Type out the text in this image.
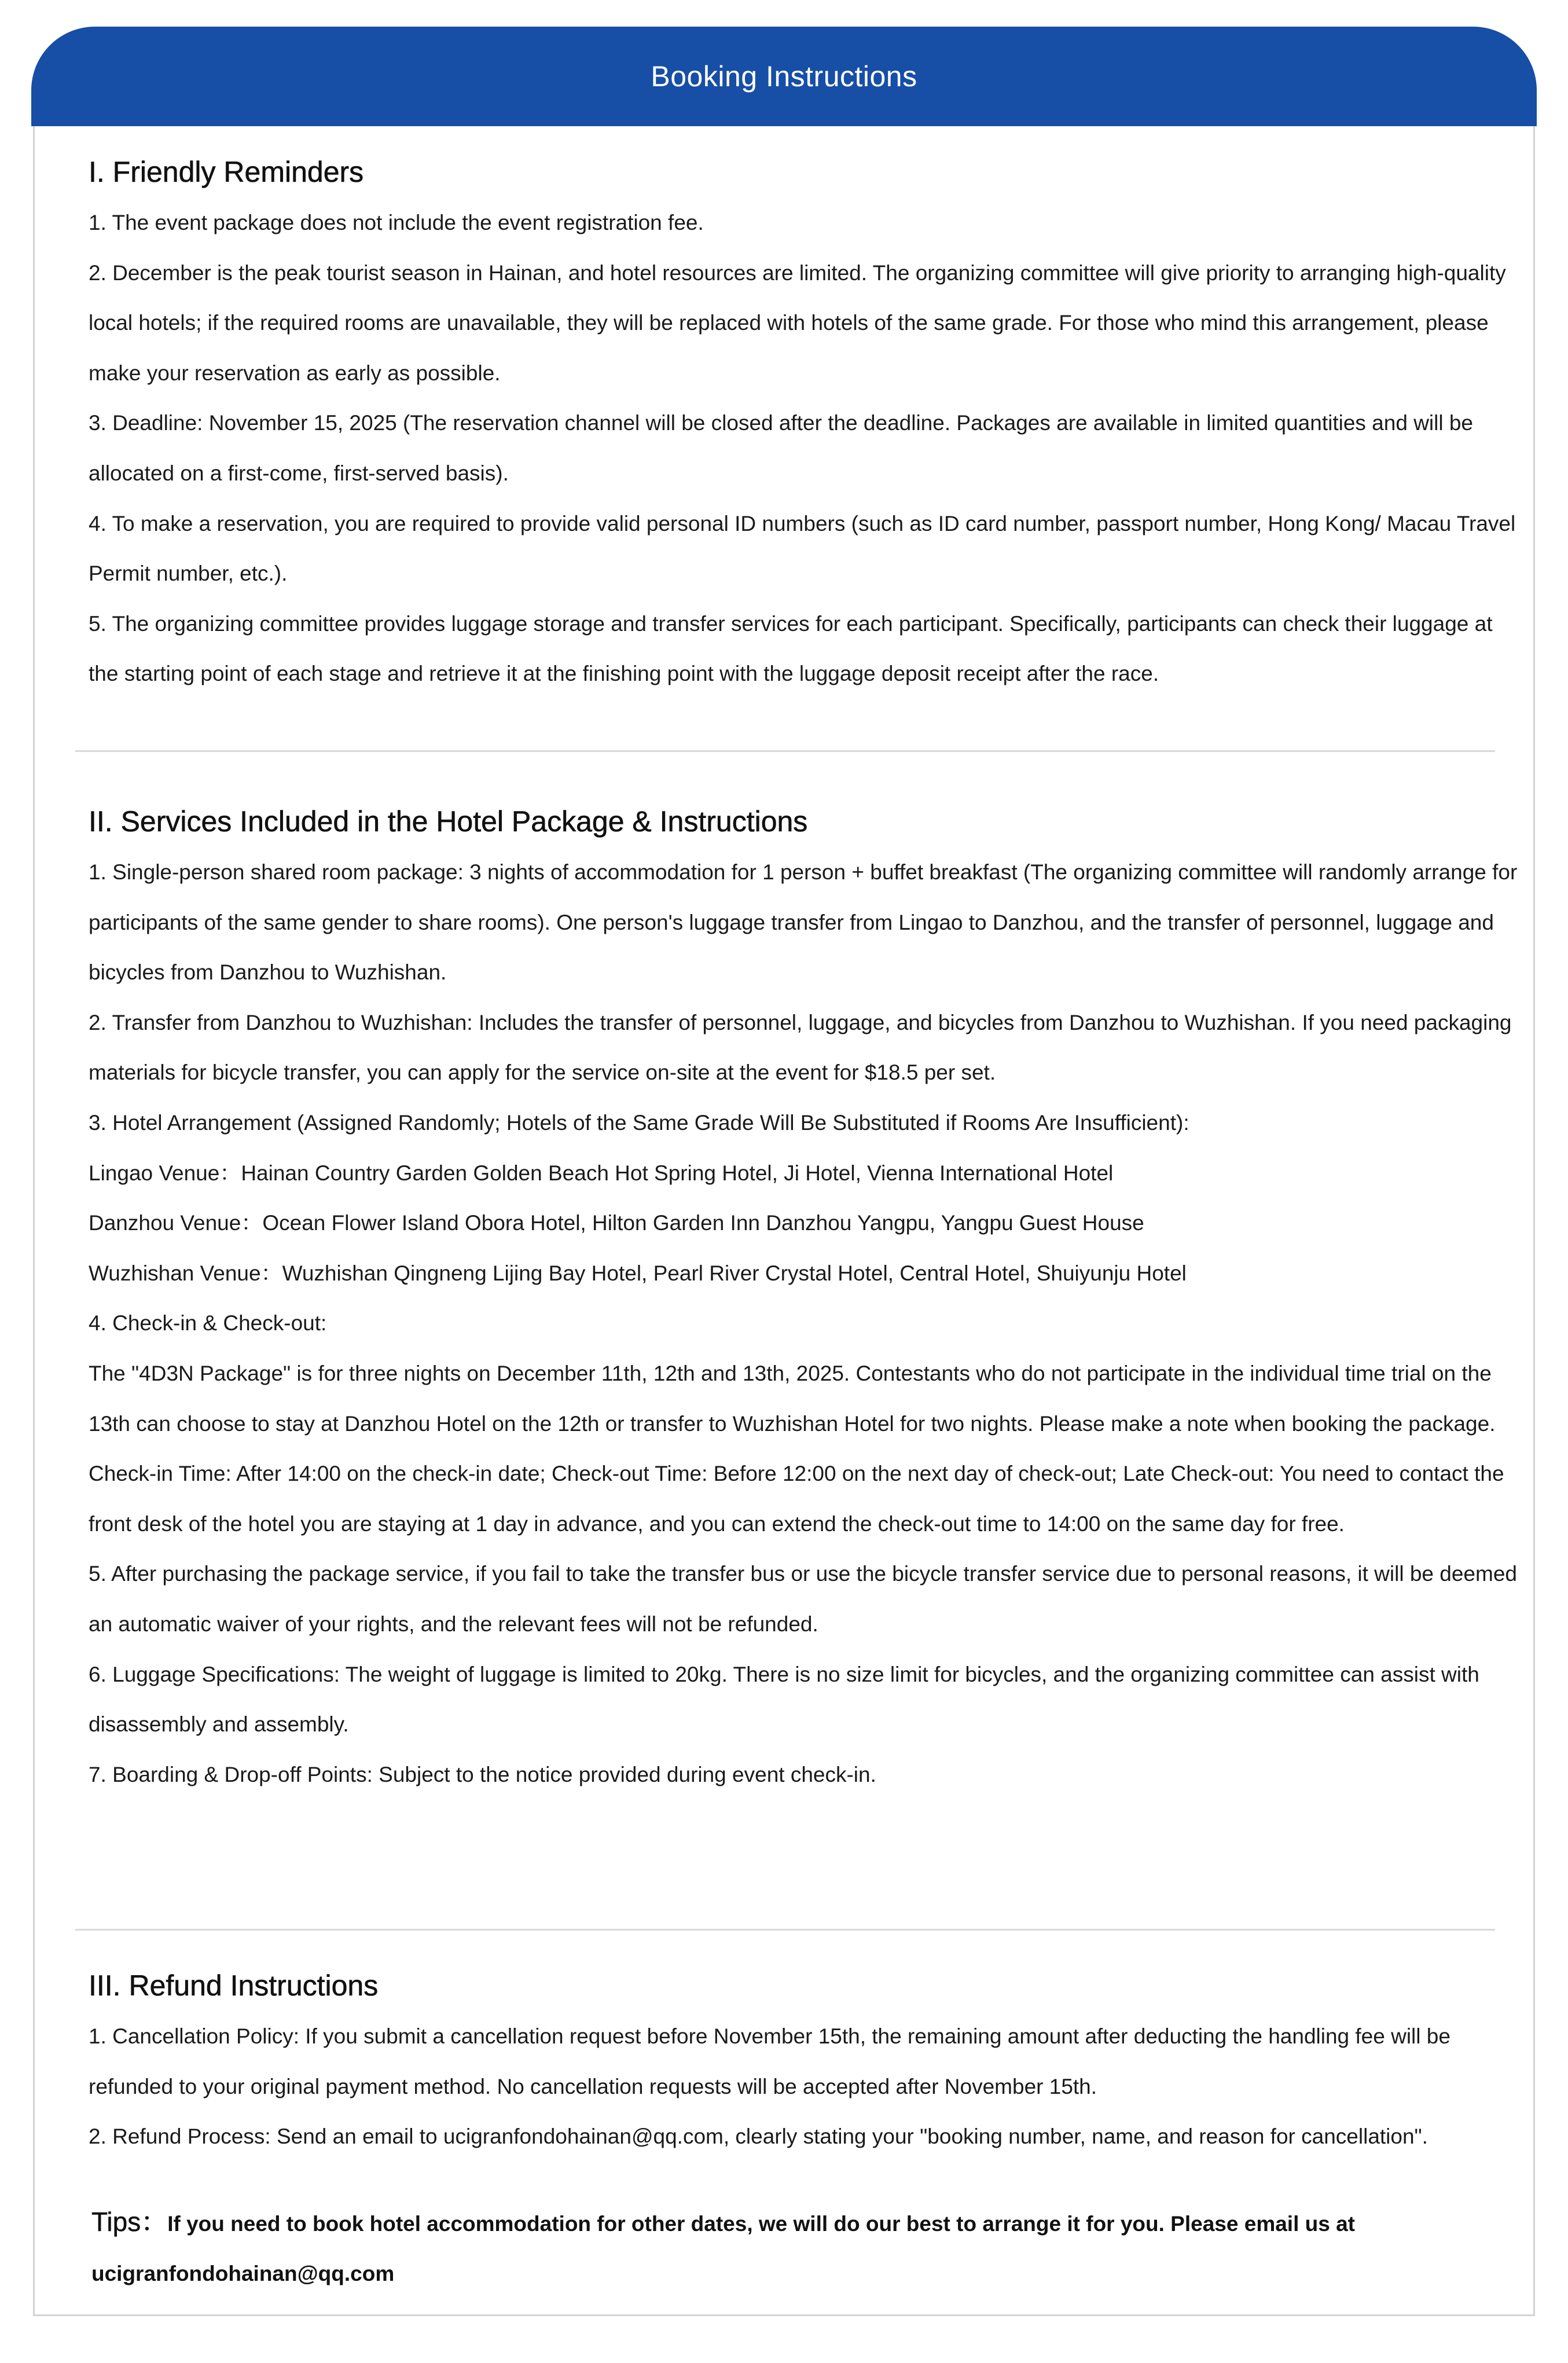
Booking Instructions
I. Friendly Reminders

1. The event package does not include the event registration fee.

2. December is the peak tourist season in Hainan, and hotel resources are limited. The organizing committee will give priority to arranging high-quality local hotels; if the required rooms are unavailable, they will be replaced with hotels of the same grade. For those who mind this arrangement, please make your reservation as early as possible.

3. Deadline: November 15, 2025 (The reservation channel will be closed after the deadline. Packages are available in limited quantities and will be allocated on a first-come, first-served basis).

4. To make a reservation, you are required to provide valid personal ID numbers (such as ID card number, passport number, Hong Kong/ Macau Travel Permit number, etc.).

5. The organizing committee provides luggage storage and transfer services for each participant. Specifically, participants can check their luggage at the starting point of each stage and retrieve it at the finishing point with the luggage deposit receipt after the race.

II. Services Included in the Hotel Package & Instructions

1. Single-person shared room package: 3 nights of accommodation for 1 person + buffet breakfast (The organizing committee will randomly arrange for participants of the same gender to share rooms). One person's luggage transfer from Lingao to Danzhou, and the transfer of personnel, luggage and bicycles from Danzhou to Wuzhishan.

2. Transfer from Danzhou to Wuzhishan: Includes the transfer of personnel, luggage, and bicycles from Danzhou to Wuzhishan. If you need packaging materials for bicycle transfer, you can apply for the service on-site at the event for $18.5 per set.

3. Hotel Arrangement (Assigned Randomly; Hotels of the Same Grade Will Be Substituted if Rooms Are Insufficient):

Lingao Venue：Hainan Country Garden Golden Beach Hot Spring Hotel, Ji Hotel, Vienna International Hotel

Danzhou Venue：Ocean Flower Island Obora Hotel, Hilton Garden Inn Danzhou Yangpu, Yangpu Guest House

Wuzhishan Venue：Wuzhishan Qingneng Lijing Bay Hotel, Pearl River Crystal Hotel, Central Hotel, Shuiyunju Hotel

4. Check-in & Check-out:

The "4D3N Package" is for three nights on December 11th, 12th and 13th, 2025. Contestants who do not participate in the individual time trial on the 13th can choose to stay at Danzhou Hotel on the 12th or transfer to Wuzhishan Hotel for two nights. Please make a note when booking the package.

Check-in Time: After 14:00 on the check-in date; Check-out Time: Before 12:00 on the next day of check-out; Late Check-out: You need to contact the front desk of the hotel you are staying at 1 day in advance, and you can extend the check-out time to 14:00 on the same day for free.

5. After purchasing the package service, if you fail to take the transfer bus or use the bicycle transfer service due to personal reasons, it will be deemed an automatic waiver of your rights, and the relevant fees will not be refunded.

6. Luggage Specifications: The weight of luggage is limited to 20kg. There is no size limit for bicycles, and the organizing committee can assist with disassembly and assembly.

7. Boarding & Drop-off Points: Subject to the notice provided during event check-in.

III. Refund Instructions

1. Cancellation Policy: If you submit a cancellation request before November 15th, the remaining amount after deducting the handling fee will be refunded to your original payment method. No cancellation requests will be accepted after November 15th.

2. Refund Process: Send an email to ucigranfondohainan@qq.com, clearly stating your "booking number, name, and reason for cancellation".

Tips：If you need to book hotel accommodation for other dates, we will do our best to arrange it for you. Please email us at ucigranfondohainan@qq.com
